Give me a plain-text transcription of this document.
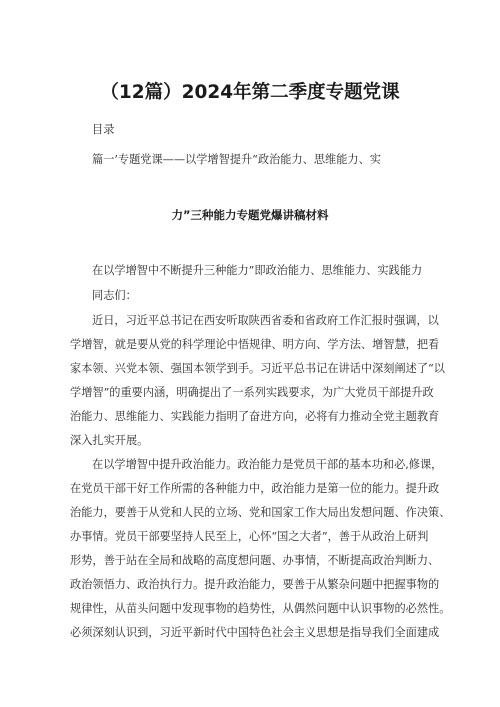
（12篇）2024年第二季度专题党课
目录
篇一’专题党课——以学增智提升“政治能力、思维能力、实
力”三种能力专题党爆讲稿材料
在以学增智中不断提升三种能力”即政治能力、思维能力、实践能力
同志们：
近日，习近平总书记在西安听取陕西省委和省政府工作汇报时强调，以
学增智，就是要从党的科学理论中悟规律、明方向、学方法、增智慧，把看
家本领、兴党本领、强国本领学到手。习近平总书记在讲话中深刻阐述了“以
学增智”的重要内涵，明确提出了一系列实践要求，为广大党员干部提升政
治能力、思维能力、实践能力指明了奋进方向，必将有力推动全党主题教育
深入扎实开展。
在以学增智中提升政治能力。政治能力是党员干部的基本功和必,修课，
在党员干部干好工作所需的各种能力中，政治能力是第一位的能力。提升政
治能力，要善于从党和人民的立场、党和国家工作大局出发想问题、作决策、
办事情。党员干部要坚持人民至上，心怀“国之大者”，善于从政治上研判
形势，善于站在全局和战略的高度想问题、办事情，不断提高政治判断力、
政治领悟力、政治执行力。提升政治能力，要善于从繁杂问题中把握事物的
规律性，从苗头问题中发现事物的趋势性，从偶然问题中认识事物的必然性。
必须深刻认识到，习近平新时代中国特色社会主义思想是指导我们全面建成
